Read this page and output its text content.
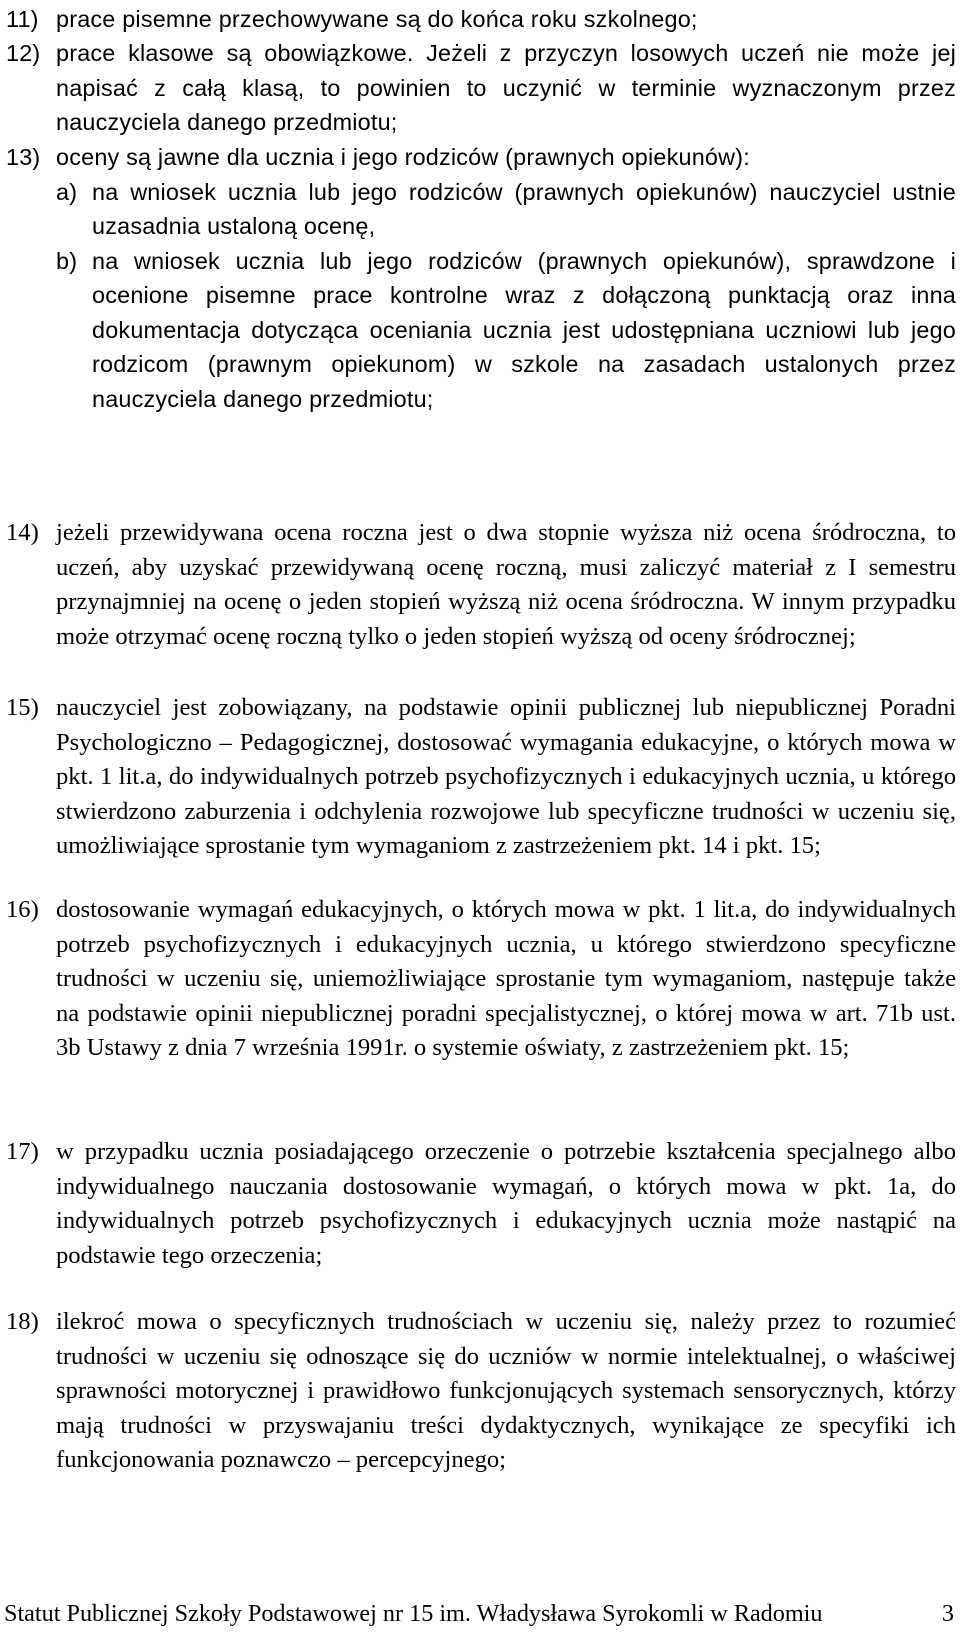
11) prace pisemne przechowywane są do końca roku szkolnego;
12) prace klasowe są obowiązkowe. Jeżeli z przyczyn losowych uczeń nie może jej napisać z całą klasą, to powinien to uczynić w terminie wyznaczonym przez nauczyciela danego przedmiotu;
13) oceny są jawne dla ucznia i jego rodziców (prawnych opiekunów):
a) na wniosek ucznia lub jego rodziców (prawnych opiekunów) nauczyciel ustnie uzasadnia ustaloną ocenę,
b) na wniosek ucznia lub jego rodziców (prawnych opiekunów), sprawdzone i ocenione pisemne prace kontrolne wraz z dołączoną punktacją oraz inna dokumentacja dotycząca oceniania ucznia jest udostępniana uczniowi lub jego rodzicom (prawnym opiekunom) w szkole na zasadach ustalonych przez nauczyciela danego przedmiotu;
14) jeżeli przewidywana ocena roczna jest o dwa stopnie wyższa niż ocena śródroczna, to uczeń, aby uzyskać przewidywaną ocenę roczną, musi zaliczyć materiał z I semestru przynajmniej na ocenę o jeden stopień wyższą niż ocena śródroczna. W innym przypadku może otrzymać ocenę roczną tylko o jeden stopień wyższą od oceny śródrocznej;
15) nauczyciel jest zobowiązany, na podstawie opinii publicznej lub niepublicznej Poradni Psychologiczno – Pedagogicznej, dostosować wymagania edukacyjne, o których mowa w pkt. 1 lit.a, do indywidualnych potrzeb psychofizycznych i edukacyjnych ucznia, u którego stwierdzono zaburzenia i odchylenia rozwojowe lub specyficzne trudności w uczeniu się, umożliwiające sprostanie tym wymaganiom z zastrzeżeniem pkt. 14 i pkt. 15;
16) dostosowanie wymagań edukacyjnych, o których mowa w pkt. 1 lit.a, do indywidualnych potrzeb psychofizycznych i edukacyjnych ucznia, u którego stwierdzono specyficzne trudności w uczeniu się, uniemożliwiające sprostanie tym wymaganiom, następuje także na podstawie opinii niepublicznej poradni specjalistycznej, o której mowa w art. 71b ust. 3b Ustawy z dnia 7 września 1991r. o systemie oświaty, z zastrzeżeniem pkt. 15;
17) w przypadku ucznia posiadającego orzeczenie o potrzebie kształcenia specjalnego albo indywidualnego nauczania dostosowanie wymagań, o których mowa w pkt. 1a, do indywidualnych potrzeb psychofizycznych i edukacyjnych ucznia może nastąpić na podstawie tego orzeczenia;
18) ilekroć mowa o specyficznych trudnościach w uczeniu się, należy przez to rozumieć trudności w uczeniu się odnoszące się do uczniów w normie intelektualnej, o właściwej sprawności motorycznej i prawidłowo funkcjonujących systemach sensorycznych, którzy mają trudności w przyswajaniu treści dydaktycznych, wynikające ze specyfiki ich funkcjonowania poznawczo – percepcyjnego;
Statut Publicznej Szkoły Podstawowej nr 15 im. Władysława Syrokomli w Radomiu	3
